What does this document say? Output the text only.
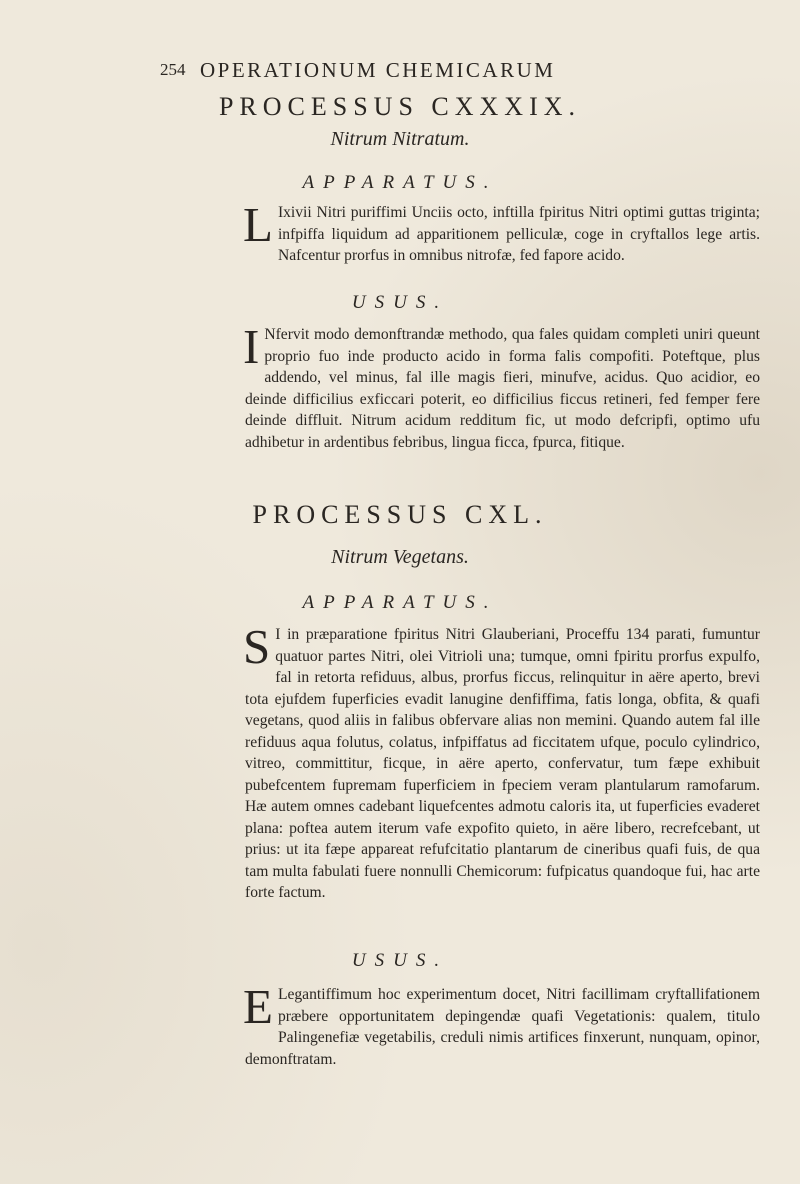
254 OPERATIONUM CHEMICARUM
PROCESSUS CXXXIX.
Nitrum Nitratum.
APPARATUS.
L Ixivii Nitri puriffimi Unciis octo, inftilla fpiritus Nitri optimi guttas triginta; infpiffa liquidum ad apparitionem pelliculæ, coge in cryftallos lege artis. Nafcentur prorfus in omnibus nitrofæ, fed fapore acido.

USUS.
I Nfervit modo demonftrandæ methodo, qua fales quidam completi uniri queunt proprio fuo inde producto acido in forma falis compofiti. Poteftque, plus addendo, vel minus, fal ille magis fieri, minufve, acidus. Quo acidior, eo deinde difficilius exficcari poterit, eo difficilius ficcus retineri, fed femper fere deinde diffluit. Nitrum acidum redditum fic, ut modo defcripfi, optimo ufu adhibetur in ardentibus febribus, lingua ficca, fpurca, fitique.

PROCESSUS CXL.
Nitrum Vegetans.
APPARATUS.
S I in præparatione fpiritus Nitri Glauberiani, Proceffu 134 parati, fumuntur quatuor partes Nitri, olei Vitrioli una; tumque, omni fpiritu prorfus expulfo, fal in retorta refiduus, albus, prorfus ficcus, relinquitur in aëre aperto, brevi tota ejufdem fuperficies evadit lanugine denfiffima, fatis longa, obfita, & quafi vegetans, quod aliis in falibus obfervare alias non memini. Quando autem fal ille refiduus aqua folutus, colatus, infpiffatus ad ficcitatem ufque, poculo cylindrico, vitreo, committitur, ficque, in aëre aperto, confervatur, tum fæpe exhibuit pubefcentem fupremam fuperficiem in fpeciem veram plantularum ramofarum. Hæ autem omnes cadebant liquefcentes admotu caloris ita, ut fuperficies evaderet plana: poftea autem iterum vafe expofito quieto, in aëre libero, recrefcebant, ut prius: ut ita fæpe appareat refufcitatio plantarum de cineribus quafi fuis, de qua tam multa fabulati fuere nonnulli Chemicorum: fufpicatus quandoque fui, hac arte forte factum.

USUS.
E Legantiffimum hoc experimentum docet, Nitri facillimam cryftallifationem præbere opportunitatem depingendæ quafi Vegetationis: qualem, titulo Palingenefiæ vegetabilis, creduli nimis artifices finxerunt, nunquam, opinor, demonftratam.
